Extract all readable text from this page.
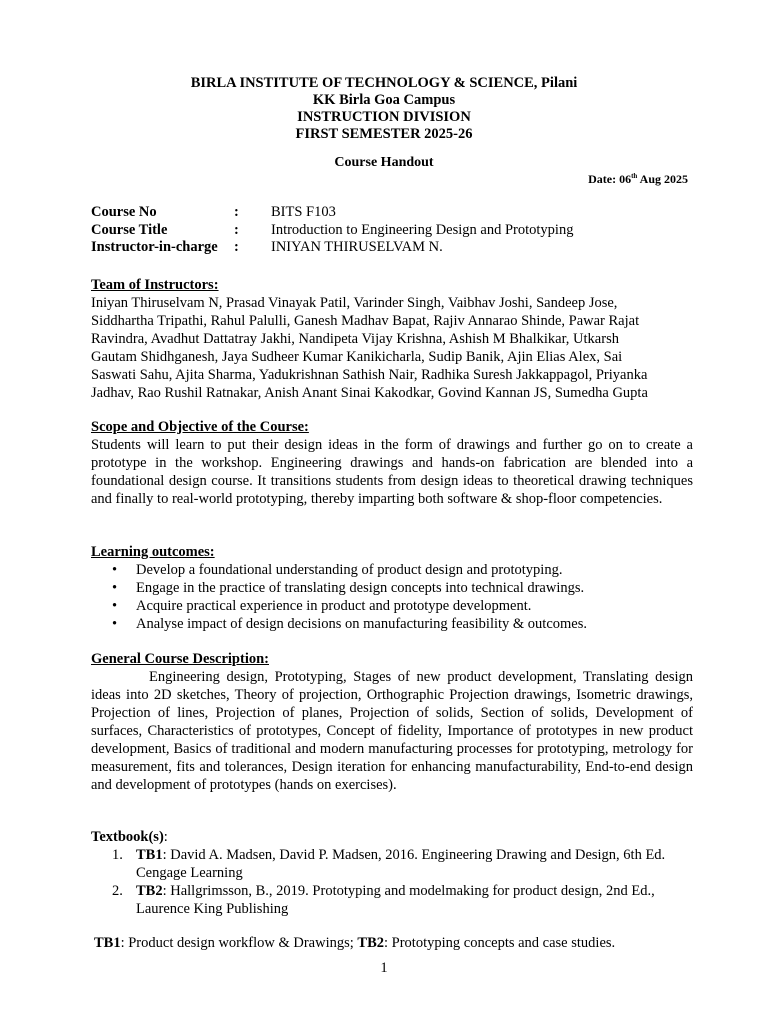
BIRLA INSTITUTE OF TECHNOLOGY & SCIENCE, Pilani
KK Birla Goa Campus
INSTRUCTION DIVISION
FIRST SEMESTER 2025-26
Course Handout
Date: 06th Aug 2025
Course No	:	BITS F103
Course Title	:	Introduction to Engineering Design and Prototyping
Instructor-in-charge	:	INIYAN THIRUSELVAM N.
Team of Instructors:
Iniyan Thiruselvam N, Prasad Vinayak Patil, Varinder Singh, Vaibhav Joshi, Sandeep Jose,
Siddhartha Tripathi, Rahul Palulli, Ganesh Madhav Bapat, Rajiv Annarao Shinde, Pawar Rajat
Ravindra, Avadhut Dattatray Jakhi, Nandipeta Vijay Krishna, Ashish M Bhalkikar, Utkarsh
Gautam Shidhganesh, Jaya Sudheer Kumar Kanikicharla, Sudip Banik, Ajin Elias Alex, Sai
Saswati Sahu, Ajita Sharma, Yadukrishnan Sathish Nair, Radhika Suresh Jakkappagol, Priyanka
Jadhav, Rao Rushil Ratnakar, Anish Anant Sinai Kakodkar, Govind Kannan JS, Sumedha Gupta
Scope and Objective of the Course:
Students will learn to put their design ideas in the form of drawings and further go on to create a prototype in the workshop. Engineering drawings and hands-on fabrication are blended into a foundational design course. It transitions students from design ideas to theoretical drawing techniques and finally to real-world prototyping, thereby imparting both software & shop-floor competencies.
Learning outcomes:
• Develop a foundational understanding of product design and prototyping.
• Engage in the practice of translating design concepts into technical drawings.
• Acquire practical experience in product and prototype development.
• Analyse impact of design decisions on manufacturing feasibility & outcomes.
General Course Description:
Engineering design, Prototyping, Stages of new product development, Translating design ideas into 2D sketches, Theory of projection, Orthographic Projection drawings, Isometric drawings, Projection of lines, Projection of planes, Projection of solids, Section of solids, Development of surfaces, Characteristics of prototypes, Concept of fidelity, Importance of prototypes in new product development, Basics of traditional and modern manufacturing processes for prototyping, metrology for measurement, fits and tolerances, Design iteration for enhancing manufacturability, End-to-end design and development of prototypes (hands on exercises).
Textbook(s):
1. TB1: David A. Madsen, David P. Madsen, 2016. Engineering Drawing and Design, 6th Ed. Cengage Learning
2. TB2: Hallgrimsson, B., 2019. Prototyping and modelmaking for product design, 2nd Ed., Laurence King Publishing
TB1: Product design workflow & Drawings; TB2: Prototyping concepts and case studies.
1
